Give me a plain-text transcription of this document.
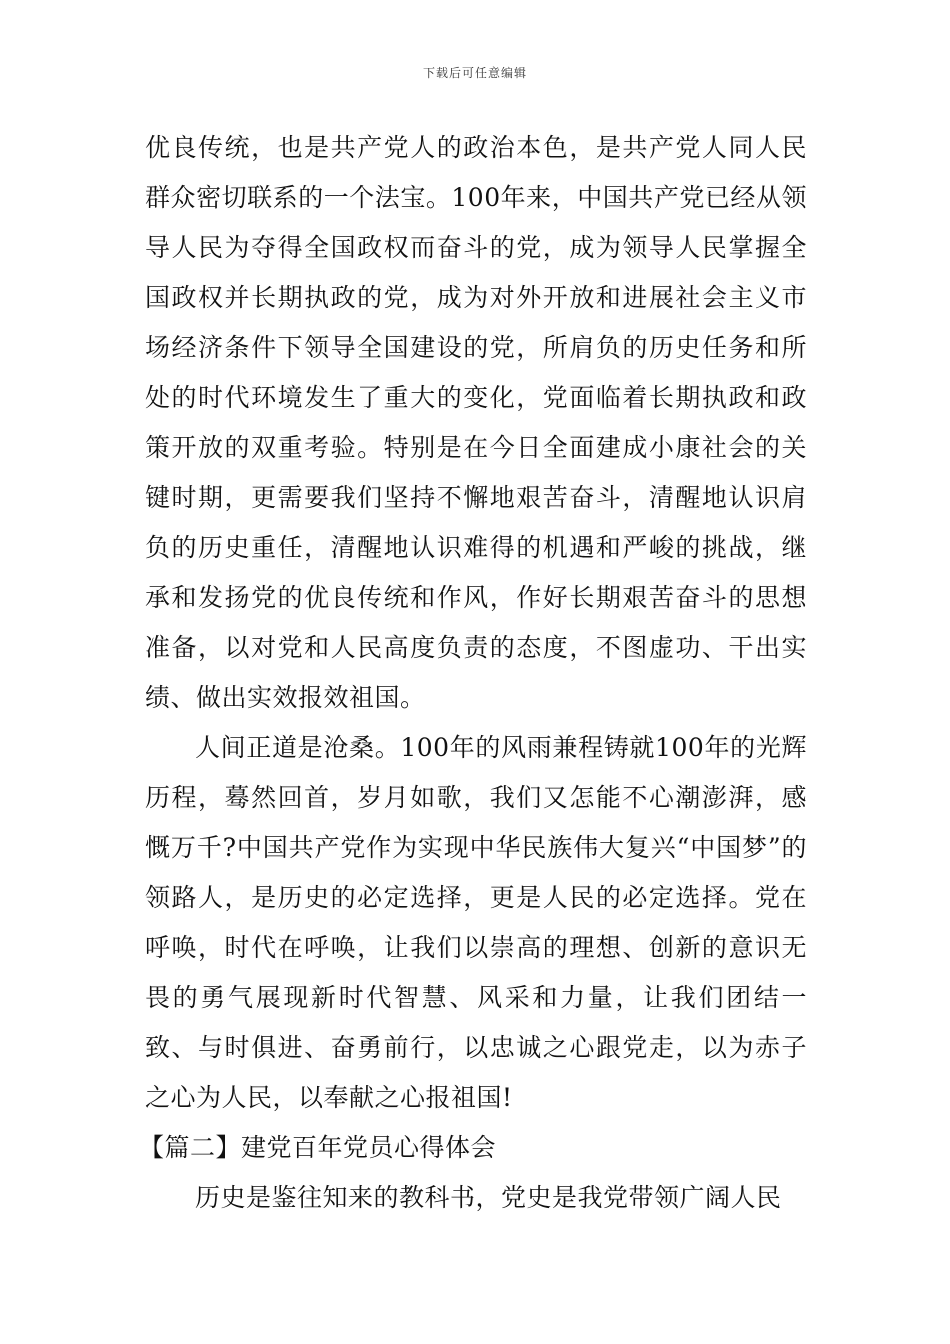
下载后可任意编辑

优良传统，也是共产党人的政治本色，是共产党人同人民群众密切联系的一个法宝。100年来，中国共产党已经从领导人民为夺得全国政权而奋斗的党，成为领导人民掌握全国政权并长期执政的党，成为对外开放和进展社会主义市场经济条件下领导全国建设的党，所肩负的历史任务和所处的时代环境发生了重大的变化，党面临着长期执政和政策开放的双重考验。特别是在今日全面建成小康社会的关键时期，更需要我们坚持不懈地艰苦奋斗，清醒地认识肩负的历史重任，清醒地认识难得的机遇和严峻的挑战，继承和发扬党的优良传统和作风，作好长期艰苦奋斗的思想准备，以对党和人民高度负责的态度，不图虚功、干出实绩、做出实效报效祖国。

人间正道是沧桑。100年的风雨兼程铸就100年的光辉历程，蓦然回首，岁月如歌，我们又怎能不心潮澎湃，感慨万千?中国共产党作为实现中华民族伟大复兴“中国梦”的领路人，是历史的必定选择，更是人民的必定选择。党在呼唤，时代在呼唤，让我们以崇高的理想、创新的意识无畏的勇气展现新时代智慧、风采和力量，让我们团结一致、与时俱进、奋勇前行，以忠诚之心跟党走，以为赤子之心为人民，以奉献之心报祖国!

【篇二】建党百年党员心得体会

历史是鉴往知来的教科书，党史是我党带领广阔人民
